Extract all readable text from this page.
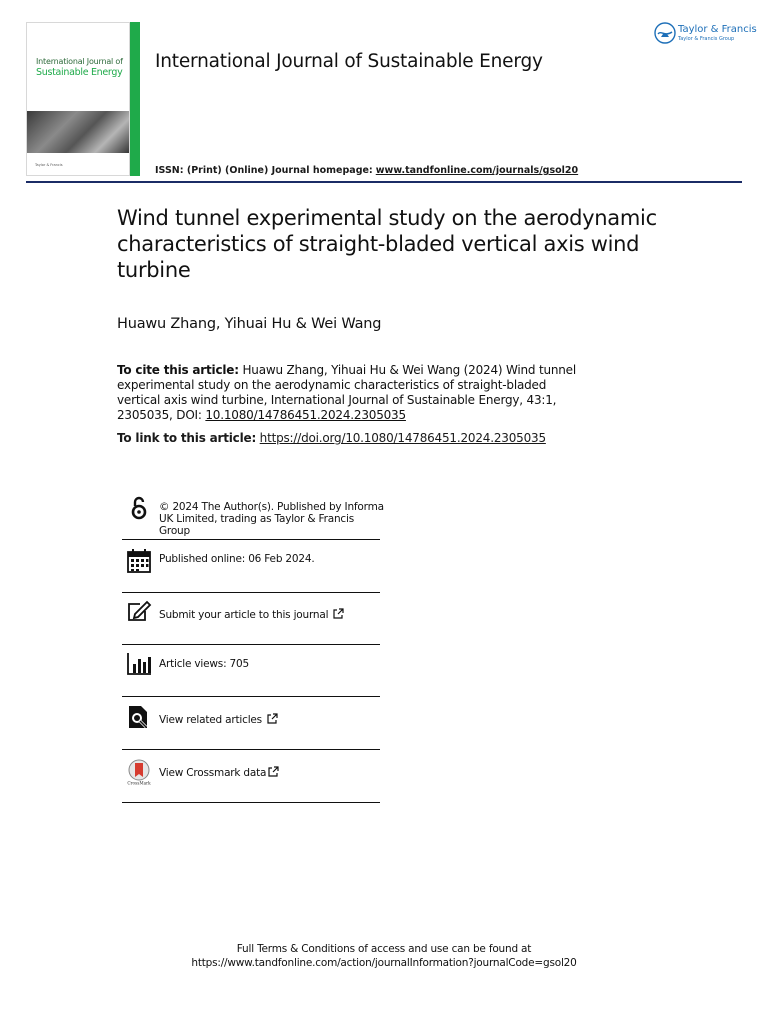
International Journal of
Sustainable Energy
Taylor & Francis
International Journal of Sustainable Energy
ISSN: (Print) (Online) Journal homepage: www.tandfonline.com/journals/gsol20
Taylor & Francis
Taylor & Francis Group
Wind tunnel experimental study on the aerodynamic characteristics of straight-bladed vertical axis wind turbine
Huawu Zhang, Yihuai Hu & Wei Wang
To cite this article: Huawu Zhang, Yihuai Hu & Wei Wang (2024) Wind tunnel experimental study on the aerodynamic characteristics of straight-bladed vertical axis wind turbine, International Journal of Sustainable Energy, 43:1, 2305035, DOI: 10.1080/14786451.2024.2305035
To link to this article: https://doi.org/10.1080/14786451.2024.2305035
© 2024 The Author(s). Published by Informa UK Limited, trading as Taylor & Francis Group
Published online: 06 Feb 2024.
Submit your article to this journal
Article views: 705
View related articles
CrossMark
View Crossmark data
Full Terms & Conditions of access and use can be found at
https://www.tandfonline.com/action/journalInformation?journalCode=gsol20
